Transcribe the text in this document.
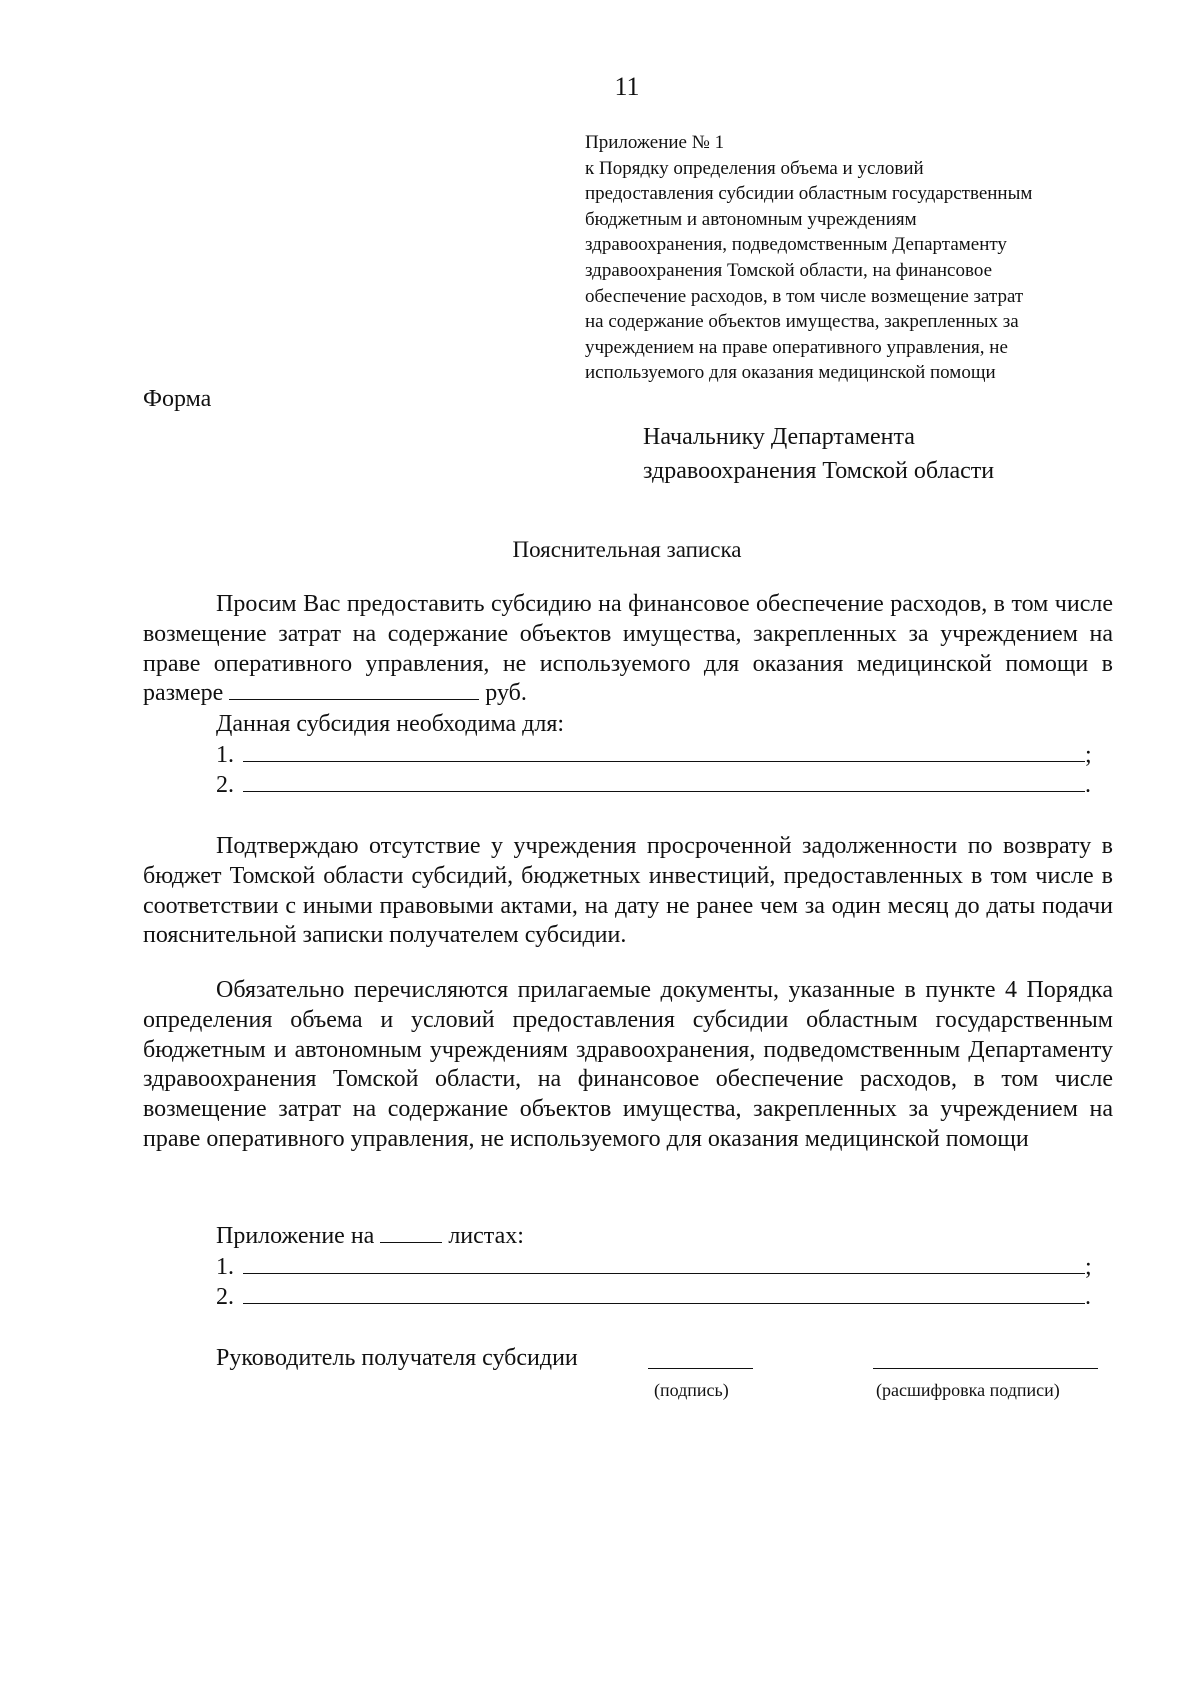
11
Приложение № 1
к Порядку определения объема и условий
предоставления субсидии областным государственным
бюджетным и автономным учреждениям
здравоохранения, подведомственным Департаменту
здравоохранения Томской области, на финансовое
обеспечение расходов, в том числе возмещение затрат
на содержание объектов имущества, закрепленных за
учреждением на праве оперативного управления, не
используемого для оказания медицинской помощи
Форма
Начальнику Департамента
здравоохранения Томской области
Пояснительная записка

Просим Вас предоставить субсидию на финансовое обеспечение расходов, в том числе возмещение затрат на содержание объектов имущества, закрепленных за учреждением на праве оперативного управления, не используемого для оказания медицинской помощи в размере	руб.

Данная субсидия необходима для:
1.	;
2.	.

Подтверждаю отсутствие у учреждения просроченной задолженности по возврату в бюджет Томской области субсидий, бюджетных инвестиций, предоставленных в том числе в соответствии с иными правовыми актами, на дату не ранее чем за один месяц до даты подачи пояснительной записки получателем субсидии.

Обязательно перечисляются прилагаемые документы, указанные в пункте 4 Порядка определения объема и условий предоставления субсидии областным государственным бюджетным и автономным учреждениям здравоохранения, подведомственным Департаменту здравоохранения Томской области, на финансовое обеспечение расходов, в том числе возмещение затрат на содержание объектов имущества, закрепленных за учреждением на праве оперативного управления, не используемого для оказания медицинской помощи

Приложение на	листах:
1.	;
2.	.
Руководитель получателя субсидии
(подпись)	(расшифровка подписи)
